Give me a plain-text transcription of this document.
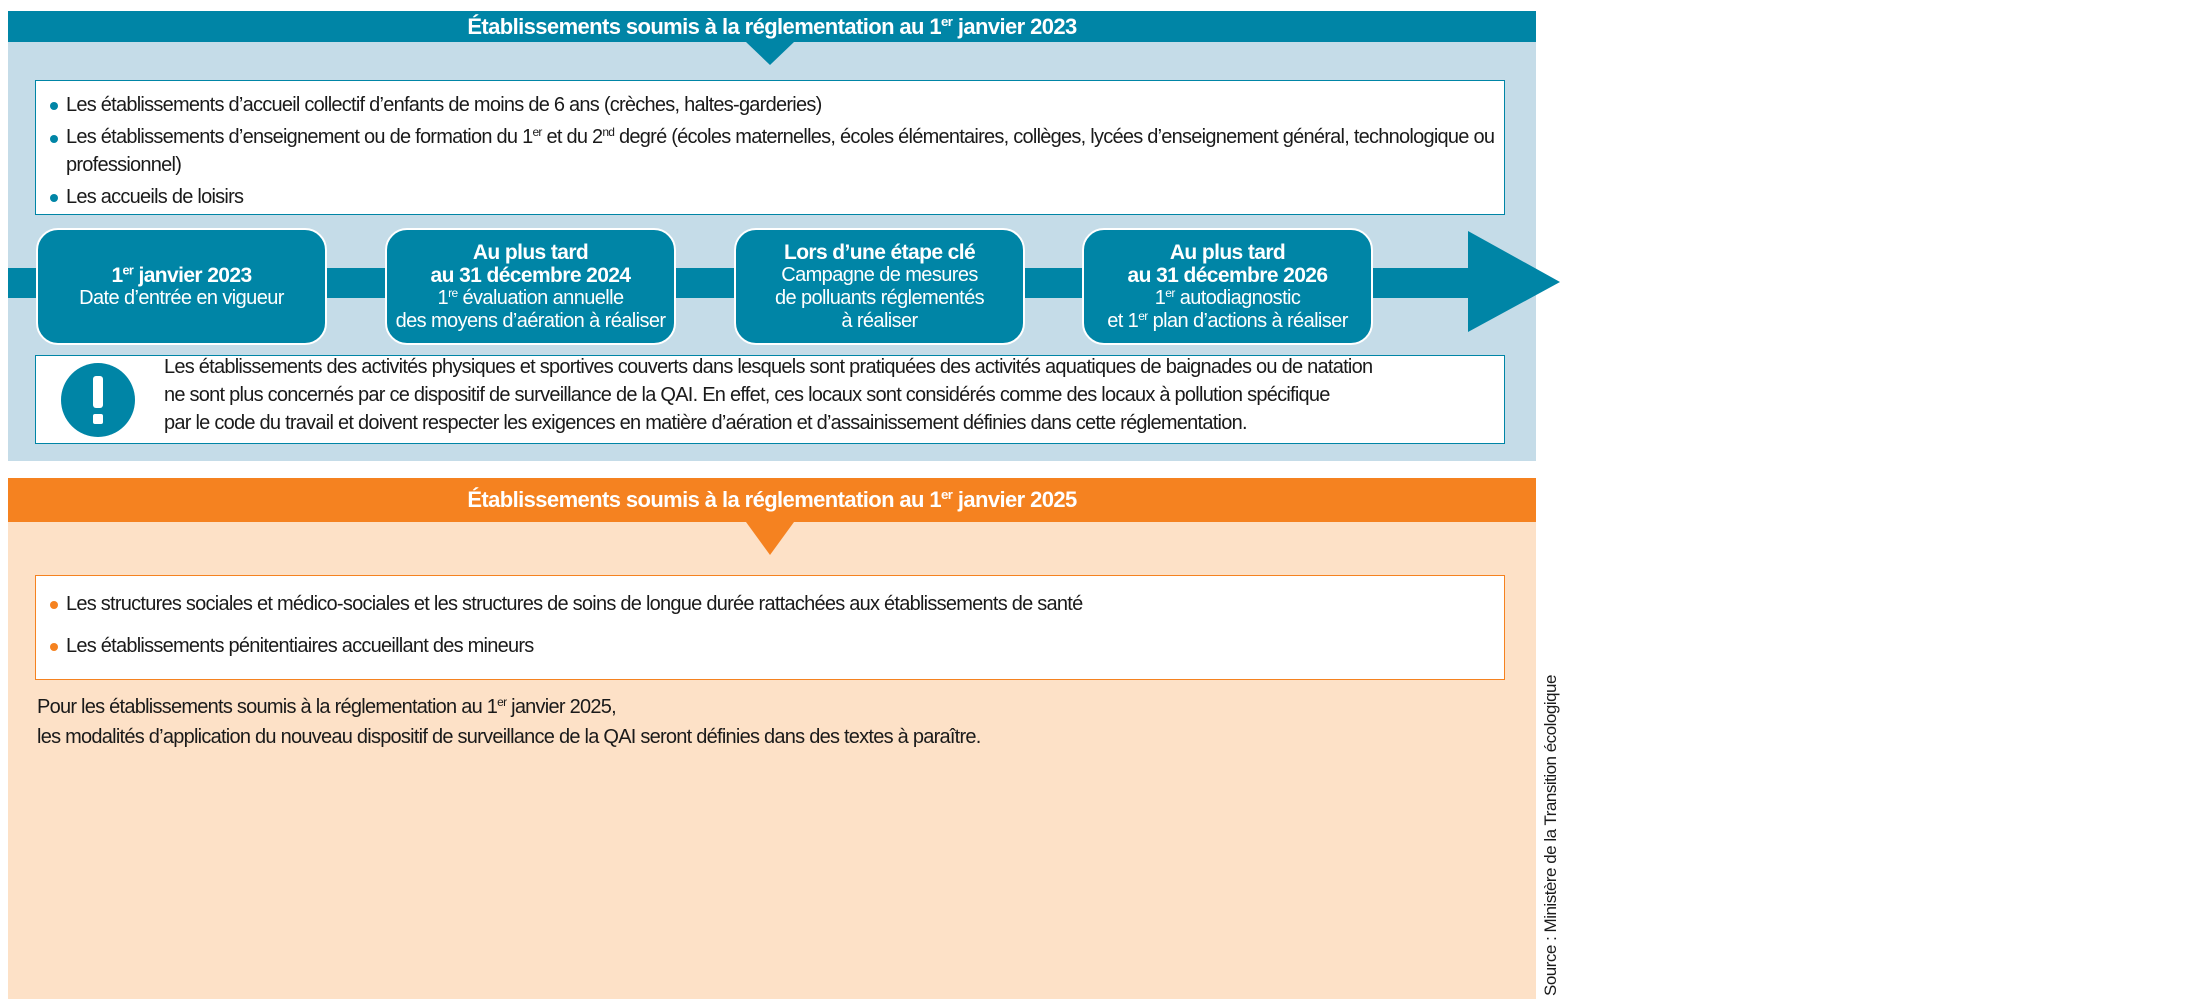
Établissements soumis à la réglementation au 1er janvier 2023
Les établissements d’accueil collectif d’enfants de moins de 6 ans (crèches, haltes-garderies)
Les établissements d’enseignement ou de formation du 1er et du 2nd degré (écoles maternelles, écoles élémentaires, collèges, lycées d’enseignement général, technologique ou professionnel)
Les accueils de loisirs
1er janvier 2023
Date d’entrée en vigueur
Au plus tard
au 31 décembre 2024
1re évaluation annuelle
des moyens d’aération à réaliser
Lors d’une étape clé
Campagne de mesures
de polluants réglementés
à réaliser
Au plus tard
au 31 décembre 2026
1er autodiagnostic
et 1er plan d’actions à réaliser
Les établissements des activités physiques et sportives couverts dans lesquels sont pratiquées des activités aquatiques de baignades ou de natation
ne sont plus concernés par ce dispositif de surveillance de la QAI. En effet, ces locaux sont considérés comme des locaux à pollution spécifique
par le code du travail et doivent respecter les exigences en matière d’aération et d’assainissement définies dans cette réglementation.
Établissements soumis à la réglementation au 1er janvier 2025
Les structures sociales et médico-sociales et les structures de soins de longue durée rattachées aux établissements de santé
Les établissements pénitentiaires accueillant des mineurs
Pour les établissements soumis à la réglementation au 1er janvier 2025,
les modalités d’application du nouveau dispositif de surveillance de la QAI seront définies dans des textes à paraître.	Source : Ministère de la Transition écologique
